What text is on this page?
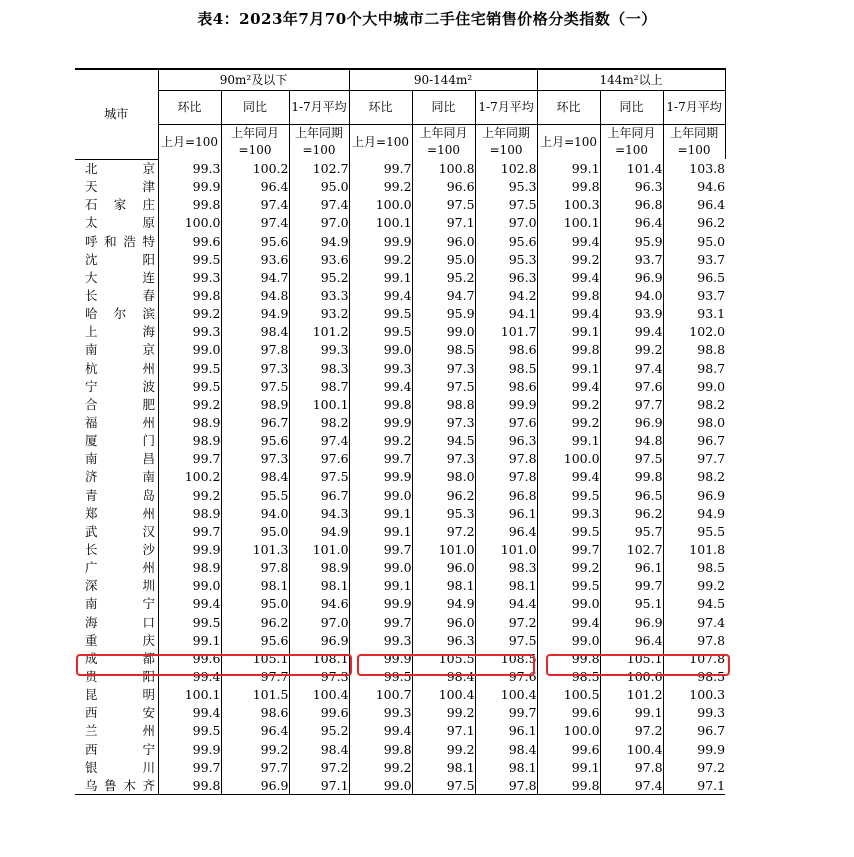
表4：2023年7月70个大中城市二手住宅销售价格分类指数（一）
城市	90m²及以下			90-144m²			144m²以上		
	环比	同比	1-7月平均	环比	同比	1-7月平均	环比	同比	1-7月平均
	上月=100	上年同月=100	上年同期=100	上月=100	上年同月=100	上年同期=100	上月=100	上年同月=100	上年同期=100
北京	99.3	100.2	102.7	99.7	100.8	102.8	99.1	101.4	103.8
天津	99.9	96.4	95.0	99.2	96.6	95.3	99.8	96.3	94.6
石家庄	99.8	97.4	97.4	100.0	97.5	97.5	100.3	96.8	96.4
太原	100.0	97.4	97.0	100.1	97.1	97.0	100.1	96.4	96.2
呼和浩特	99.6	95.6	94.9	99.9	96.0	95.6	99.4	95.9	95.0
沈阳	99.5	93.6	93.6	99.2	95.0	95.3	99.2	93.7	93.7
大连	99.3	94.7	95.2	99.1	95.2	96.3	99.4	96.9	96.5
长春	99.8	94.8	93.3	99.4	94.7	94.2	99.8	94.0	93.7
哈尔滨	99.2	94.9	93.2	99.5	95.9	94.1	99.4	93.9	93.1
上海	99.3	98.4	101.2	99.5	99.0	101.7	99.1	99.4	102.0
南京	99.0	97.8	99.3	99.0	98.5	98.6	99.8	99.2	98.8
杭州	99.5	97.3	98.3	99.3	97.3	98.5	99.1	97.4	98.7
宁波	99.5	97.5	98.7	99.4	97.5	98.6	99.4	97.6	99.0
合肥	99.2	98.9	100.1	99.8	98.8	99.9	99.2	97.7	98.2
福州	98.9	96.7	98.2	99.9	97.3	97.6	99.2	96.9	98.0
厦门	98.9	95.6	97.4	99.2	94.5	96.3	99.1	94.8	96.7
南昌	99.7	97.3	97.6	99.7	97.3	97.8	100.0	97.5	97.7
济南	100.2	98.4	97.5	99.9	98.0	97.8	99.4	99.8	98.2
青岛	99.2	95.5	96.7	99.0	96.2	96.8	99.5	96.5	96.9
郑州	98.9	94.0	94.3	99.1	95.3	96.1	99.3	96.2	94.9
武汉	99.7	95.0	94.9	99.1	97.2	96.4	99.5	95.7	95.5
长沙	99.9	101.3	101.0	99.7	101.0	101.0	99.7	102.7	101.8
广州	98.9	97.8	98.9	99.0	96.0	98.3	99.2	96.1	98.5
深圳	99.0	98.1	98.1	99.1	98.1	98.1	99.5	99.7	99.2
南宁	99.4	95.0	94.6	99.9	94.9	94.4	99.0	95.1	94.5
海口	99.5	96.2	97.0	99.7	96.0	97.2	99.4	96.9	97.4
重庆	99.1	95.6	96.9	99.3	96.3	97.5	99.0	96.4	97.8
成都	99.6	105.1	108.1	99.9	105.5	108.5	99.8	105.1	107.8
贵阳	99.4	97.7	97.3	99.5	98.4	97.6	98.5	100.6	98.5
昆明	100.1	101.5	100.4	100.7	100.4	100.4	100.5	101.2	100.3
西安	99.4	98.6	99.6	99.3	99.2	99.7	99.6	99.1	99.3
兰州	99.5	96.4	95.2	99.4	97.1	96.1	100.0	97.2	96.7
西宁	99.9	99.2	98.4	99.8	99.2	98.4	99.6	100.4	99.9
银川	99.7	97.7	97.2	99.2	98.1	98.1	99.1	97.8	97.2
乌鲁木齐	99.8	96.9	97.1	99.0	97.5	97.8	99.8	97.4	97.1
